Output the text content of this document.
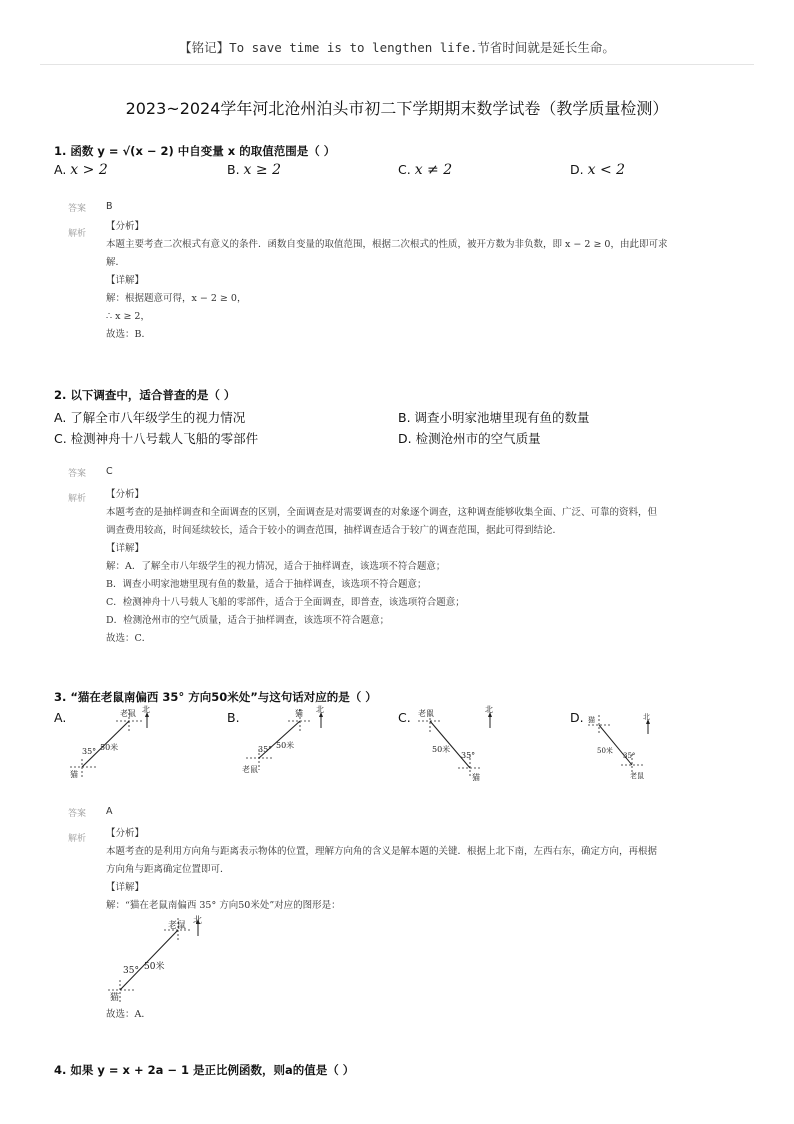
【铭记】To save time is to lengthen life.节省时间就是延长生命。
2023~2024学年河北沧州泊头市初二下学期期末数学试卷（教学质量检测）
1. 函数 y = √(x − 2) 中自变量 x 的取值范围是（ ）
A. x > 2	B. x ≥ 2	C. x ≠ 2	D. x < 2
答案 B
解析
【分析】
本题主要考查二次根式有意义的条件．函数自变量的取值范围，根据二次根式的性质，被开方数为非负数，即 x − 2 ≥ 0，由此即可求
解．
【详解】
解：根据题意可得，x − 2 ≥ 0，
∴ x ≥ 2，
故选：B．
2. 以下调查中，适合普查的是（ ）
A. 了解全市八年级学生的视力情况	B. 调查小明家池塘里现有鱼的数量
C. 检测神舟十八号载人飞船的零部件	D. 检测沧州市的空气质量
答案 C
解析 【分析】
本题考查的是抽样调查和全面调查的区别，全面调查是对需要调查的对象逐个调查，这种调查能够收集全面、广泛、可靠的资料，但
调查费用较高，时间延续较长，适合于较小的调查范围，抽样调查适合于较广的调查范围，据此可得到结论．
【详解】
解：A．了解全市八年级学生的视力情况，适合于抽样调查，该选项不符合题意；
B．调查小明家池塘里现有鱼的数量，适合于抽样调查，该选项不符合题意；
C．检测神舟十八号载人飞船的零部件，适合于全面调查，即普查，该选项符合题意；
D．检测沧州市的空气质量，适合于抽样调查，该选项不符合题意；
故选：C．
3. “猫在老鼠南偏西 35° 方向50米处”与这句话对应的是（ ）
A.	B.	C.	D.
北
老鼠
50米
35°
猫
北
猫
50米
35°
老鼠
北
老鼠
50米
35°
猫
北
猫
50米
35°
老鼠
答案 A
解析 【分析】
本题考查的是利用方向角与距离表示物体的位置，理解方向角的含义是解本题的关键．根据上北下南，左西右东，确定方向，再根据
方向角与距离确定位置即可．
【详解】
解：“猫在老鼠南偏西 35° 方向50米处”对应的图形是：
北
老鼠
50米
35°
猫
故选：A．
4. 如果 y = x + 2a − 1 是正比例函数，则a的值是（ ）
